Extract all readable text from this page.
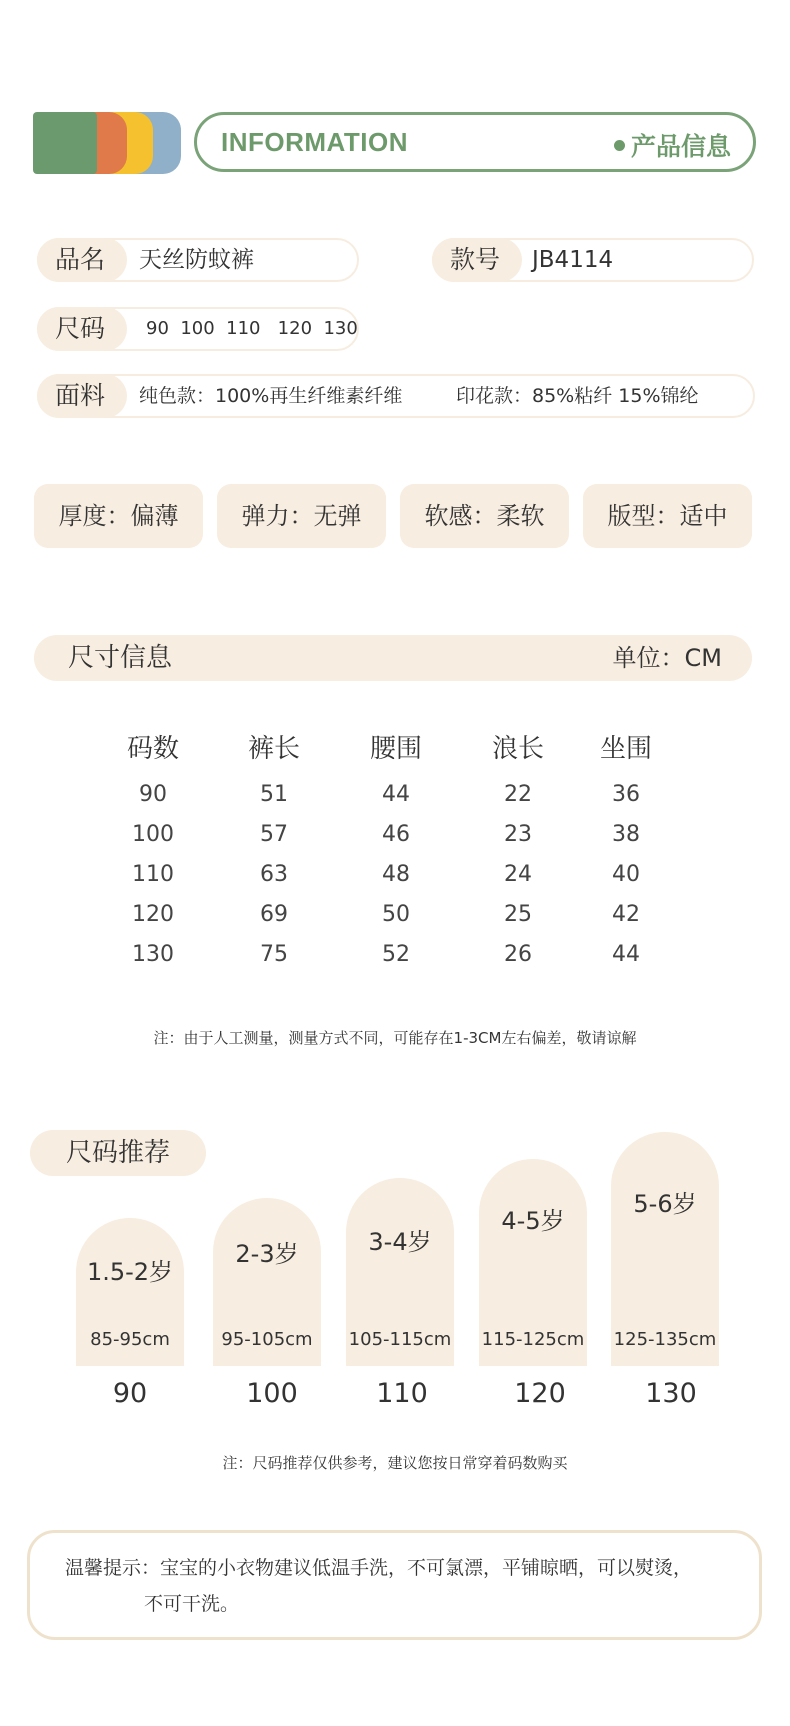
INFORMATION	产品信息
品名	天丝防蚊裤	款号	JB4114
尺码	90  100  110   120  130
面料	纯色款：100%再生纤维素纤维	印花款：85%粘纤 15%锦纶
厚度：偏薄	弹力：无弹	软感：柔软	版型：适中
尺寸信息	单位：CM
码数	裤长	腰围	浪长	坐围
90	51	44	22	36
100	57	46	23	38
110	63	48	24	40
120	69	50	25	42
130	75	52	26	44
注：由于人工测量，测量方式不同，可能存在1-3CM左右偏差，敬请谅解
尺码推荐
1.5-2岁
85-95cm
2-3岁
95-105cm
3-4岁
105-115cm
4-5岁
115-125cm
5-6岁
125-135cm
90	100	110	120	130
注：尺码推荐仅供参考，建议您按日常穿着码数购买
温馨提示：宝宝的小衣物建议低温手洗，不可氯漂，平铺晾晒，可以熨烫，
不可干洗。
